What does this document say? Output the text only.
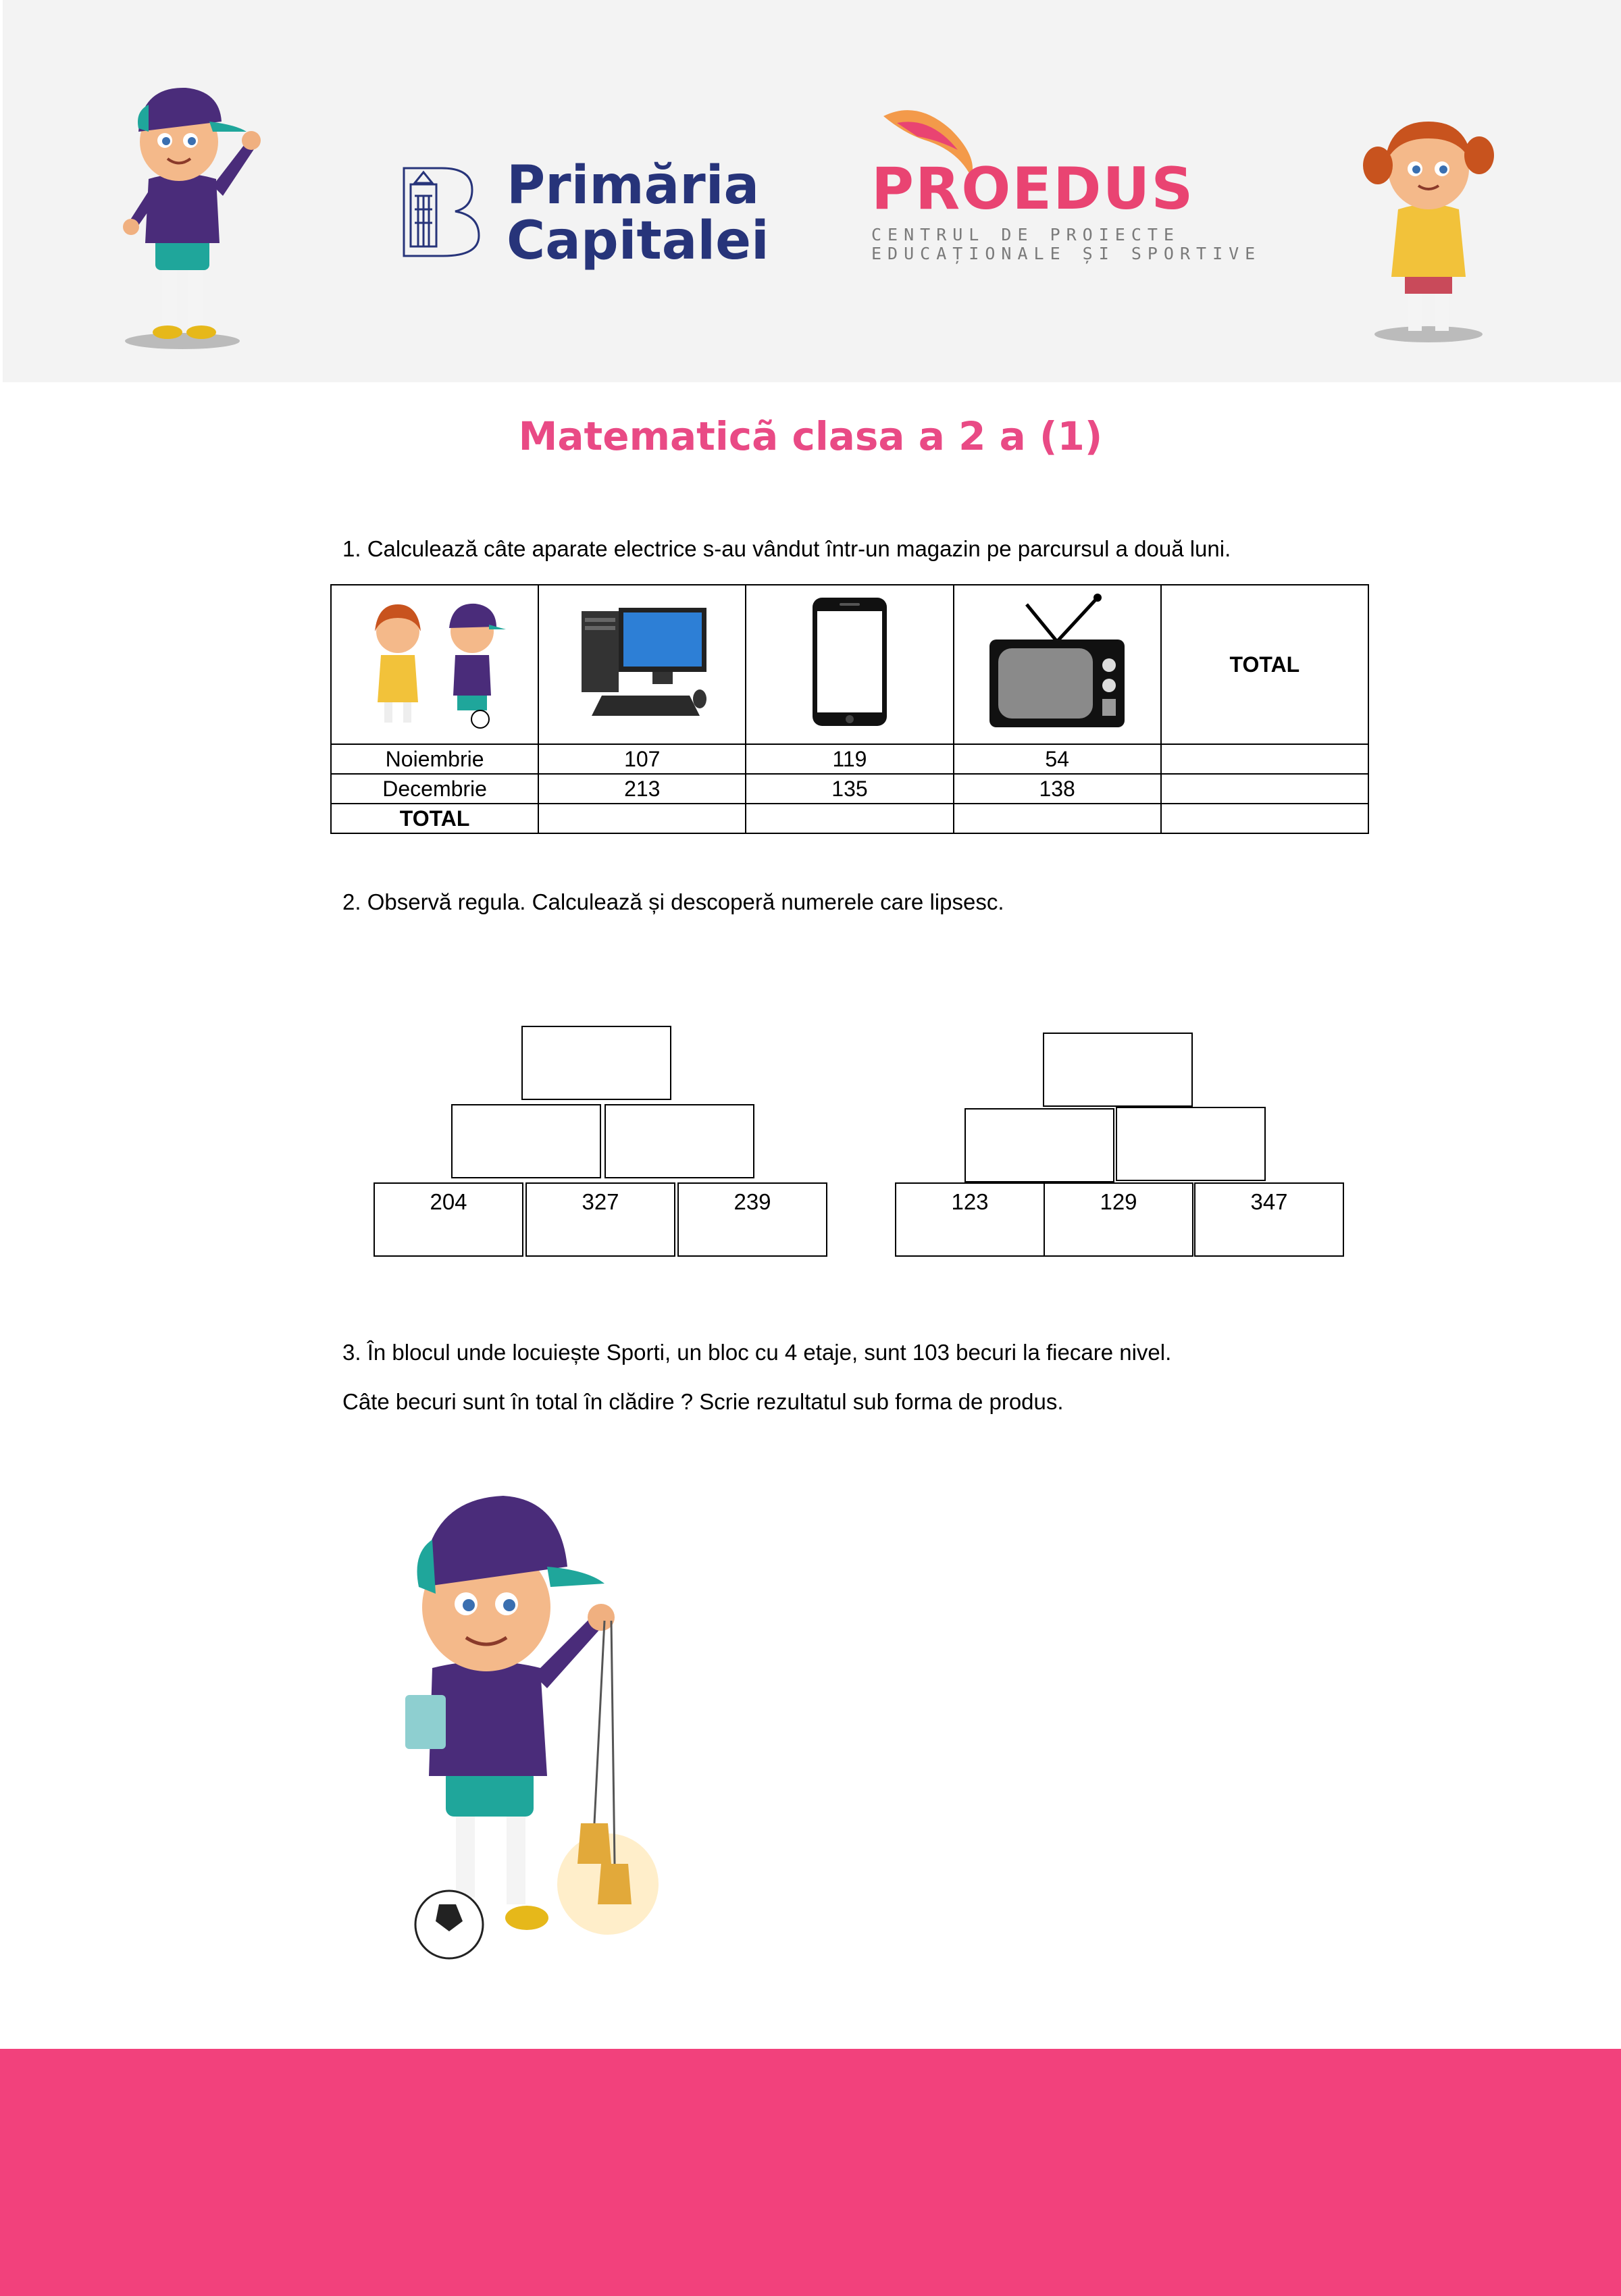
Primăria
Capitalei
PROEDUS
CENTRUL DE PROIECTE
EDUCAȚIONALE ȘI SPORTIVE
Matematicã clasa a 2 a (1)
1. Calculează câte aparate electrice s-au vândut într-un magazin pe parcursul a două luni.
				TOTAL
Noiembrie	107	119	54	
Decembrie	213	135	138	
TOTAL				
2. Observă regula. Calculează și descoperă numerele care lipsesc.
204	327	239	123	129	347
3. În blocul unde locuiește Sporti, un bloc cu 4 etaje, sunt 103 becuri la fiecare nivel.
Câte becuri sunt în total în clădire ? Scrie rezultatul sub forma de produs.
